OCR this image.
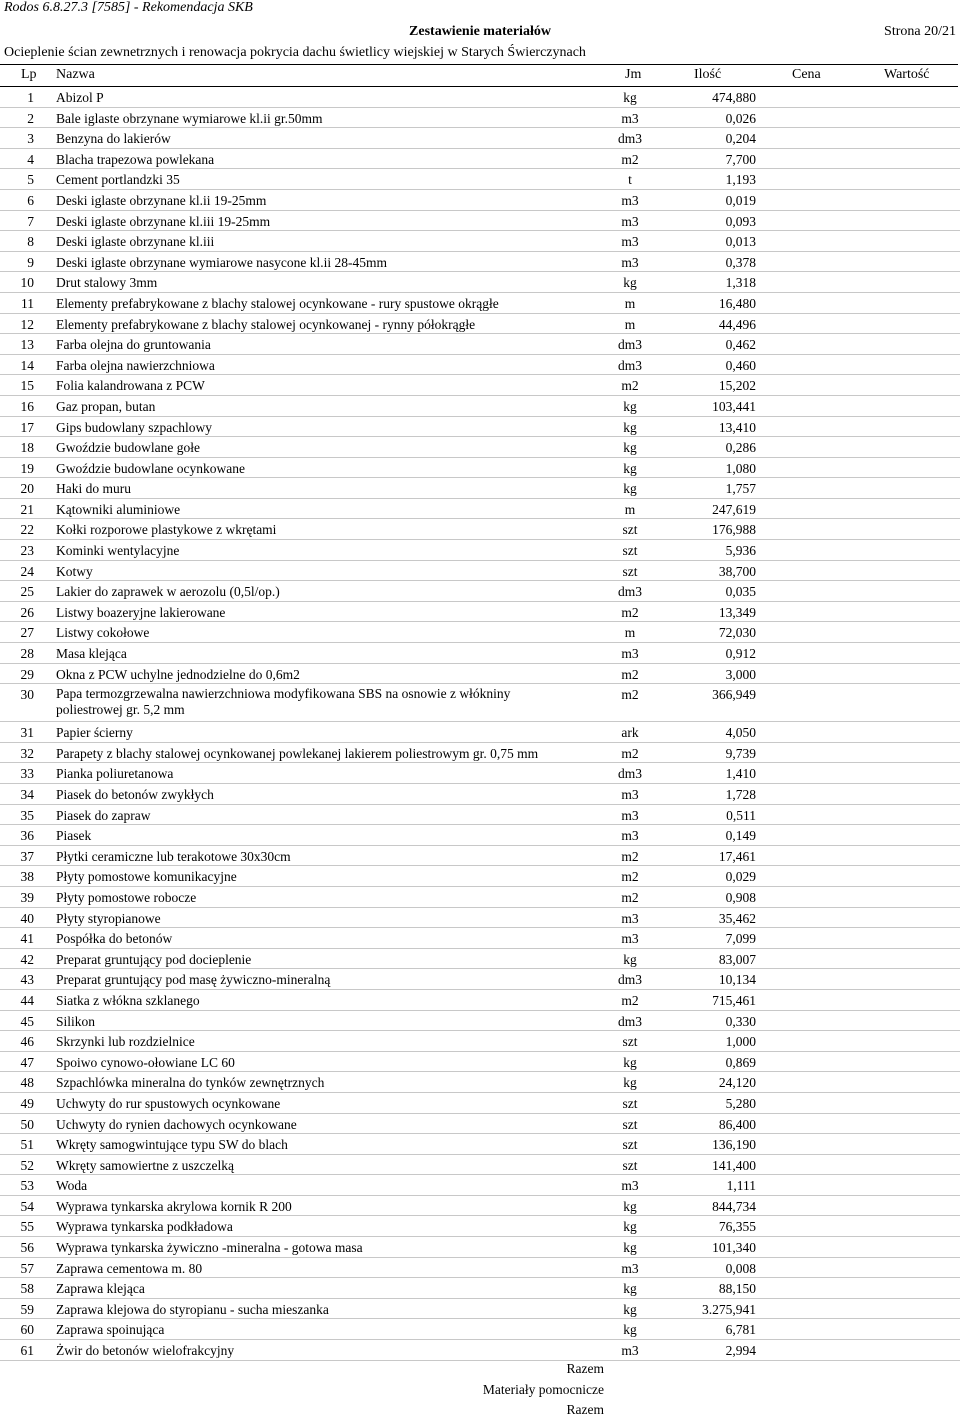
Rodos 6.8.27.3 [7585] - Rekomendacja SKB
Zestawienie materiałów	Strona 20/21
Ocieplenie ścian zewnetrznych i renowacja pokrycia dachu świetlicy wiejskiej w Starych Świerczynach
Lp Nazwa	Jm	Ilość	Cena	Wartość
1 Abizol P	kg	474,880
2 Bale iglaste obrzynane wymiarowe kl.ii gr.50mm	m3	0,026
3 Benzyna do lakierów	dm3	0,204
4 Blacha trapezowa powlekana	m2	7,700
5 Cement portlandzki 35	t	1,193
6 Deski iglaste obrzynane kl.ii 19-25mm	m3	0,019
7 Deski iglaste obrzynane kl.iii 19-25mm	m3	0,093
8 Deski iglaste obrzynane kl.iii	m3	0,013
9 Deski iglaste obrzynane wymiarowe nasycone kl.ii 28-45mm	m3	0,378
10 Drut stalowy 3mm	kg	1,318
11 Elementy prefabrykowane z blachy stalowej ocynkowane - rury spustowe okrągłe	m	16,480
12 Elementy prefabrykowane z blachy stalowej ocynkowanej - rynny półokrągłe	m	44,496
13 Farba olejna do gruntowania	dm3	0,462
14 Farba olejna nawierzchniowa	dm3	0,460
15 Folia kalandrowana z PCW	m2	15,202
16 Gaz propan, butan	kg	103,441
17 Gips budowlany szpachlowy	kg	13,410
18 Gwoździe budowlane gołe	kg	0,286
19 Gwoździe budowlane ocynkowane	kg	1,080
20 Haki do muru	kg	1,757
21 Kątowniki aluminiowe	m	247,619
22 Kołki rozporowe plastykowe z wkrętami	szt	176,988
23 Kominki wentylacyjne	szt	5,936
24 Kotwy	szt	38,700
25 Lakier do zaprawek w aerozolu (0,5l/op.)	dm3	0,035
26 Listwy boazeryjne lakierowane	m2	13,349
27 Listwy cokołowe	m	72,030
28 Masa klejąca	m3	0,912
29 Okna z PCW uchylne jednodzielne do 0,6m2	m2	3,000
30 Papa termozgrzewalna nawierzchniowa modyfikowana SBS na osnowie z włókniny poliestrowej gr. 5,2 mm
m2	366,949
31 Papier ścierny	ark	4,050
32 Parapety z blachy stalowej ocynkowanej powlekanej lakierem poliestrowym gr. 0,75 mm	m2	9,739
33 Pianka poliuretanowa	dm3	1,410
34 Piasek do betonów zwykłych	m3	1,728
35 Piasek do zapraw	m3	0,511
36 Piasek	m3	0,149
37 Płytki ceramiczne lub terakotowe 30x30cm	m2	17,461
38 Płyty pomostowe komunikacyjne	m2	0,029
39 Płyty pomostowe robocze	m2	0,908
40 Płyty styropianowe	m3	35,462
41 Pospółka do betonów	m3	7,099
42 Preparat gruntujący pod docieplenie	kg	83,007
43 Preparat gruntujący pod masę żywiczno-mineralną	dm3	10,134
44 Siatka z włókna szklanego	m2	715,461
45 Silikon	dm3	0,330
46 Skrzynki lub rozdzielnice	szt	1,000
47 Spoiwo cynowo-ołowiane LC 60	kg	0,869
48 Szpachlówka mineralna do tynków zewnętrznych	kg	24,120
49 Uchwyty do rur spustowych ocynkowane	szt	5,280
50 Uchwyty do rynien dachowych ocynkowane	szt	86,400
51 Wkręty samogwintujące typu SW do blach	szt	136,190
52 Wkręty samowiertne z uszczelką	szt	141,400
53 Woda	m3	1,111
54 Wyprawa tynkarska akrylowa kornik R 200	kg	844,734
55 Wyprawa tynkarska podkładowa	kg	76,355
56 Wyprawa tynkarska żywiczno -mineralna - gotowa masa	kg	101,340
57 Zaprawa cementowa m. 80	m3	0,008
58 Zaprawa klejąca	kg	88,150
59 Zaprawa klejowa do styropianu - sucha mieszanka	kg	3.275,941
60 Zaprawa spoinująca	kg	6,781
61 Żwir do betonów wielofrakcyjny	m3	2,994
Razem
Materiały pomocnicze
Razem
